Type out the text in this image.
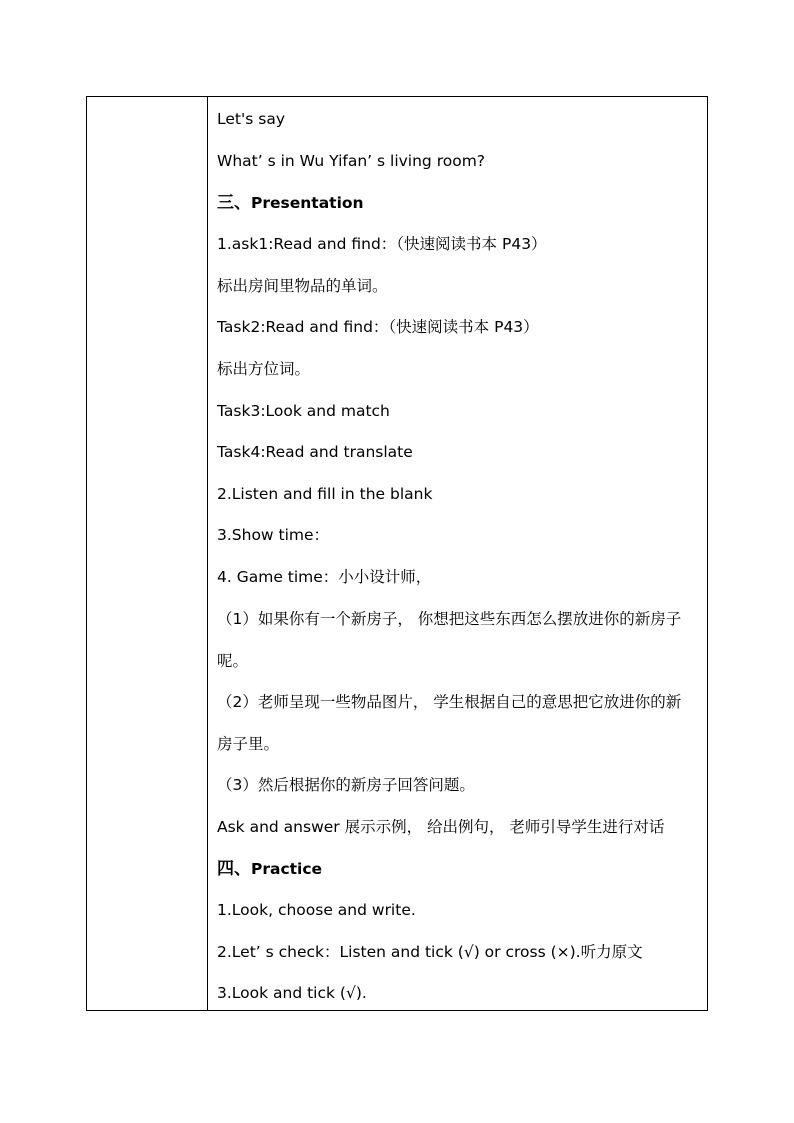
Let's say
What’ s in Wu Yifan’ s living room?
三、Presentation
1.ask1:Read and find：（快速阅读书本 P43）
标出房间里物品的单词。
Task2:Read and find：（快速阅读书本 P43）
标出方位词。
Task3:Look and match
Task4:Read and translate
2.Listen and fill in the blank
3.Show time：
4. Game time：小小设计师，
（1）如果你有一个新房子， 你想把这些东西怎么摆放进你的新房子
呢。
（2）老师呈现一些物品图片， 学生根据自己的意思把它放进你的新
房子里。
（3）然后根据你的新房子回答问题。
Ask and answer 展示示例， 给出例句， 老师引导学生进行对话
四、Practice
1.Look, choose and write.
2.Let’ s check：Listen and tick (√) or cross (×).听力原文
3.Look and tick (√).
